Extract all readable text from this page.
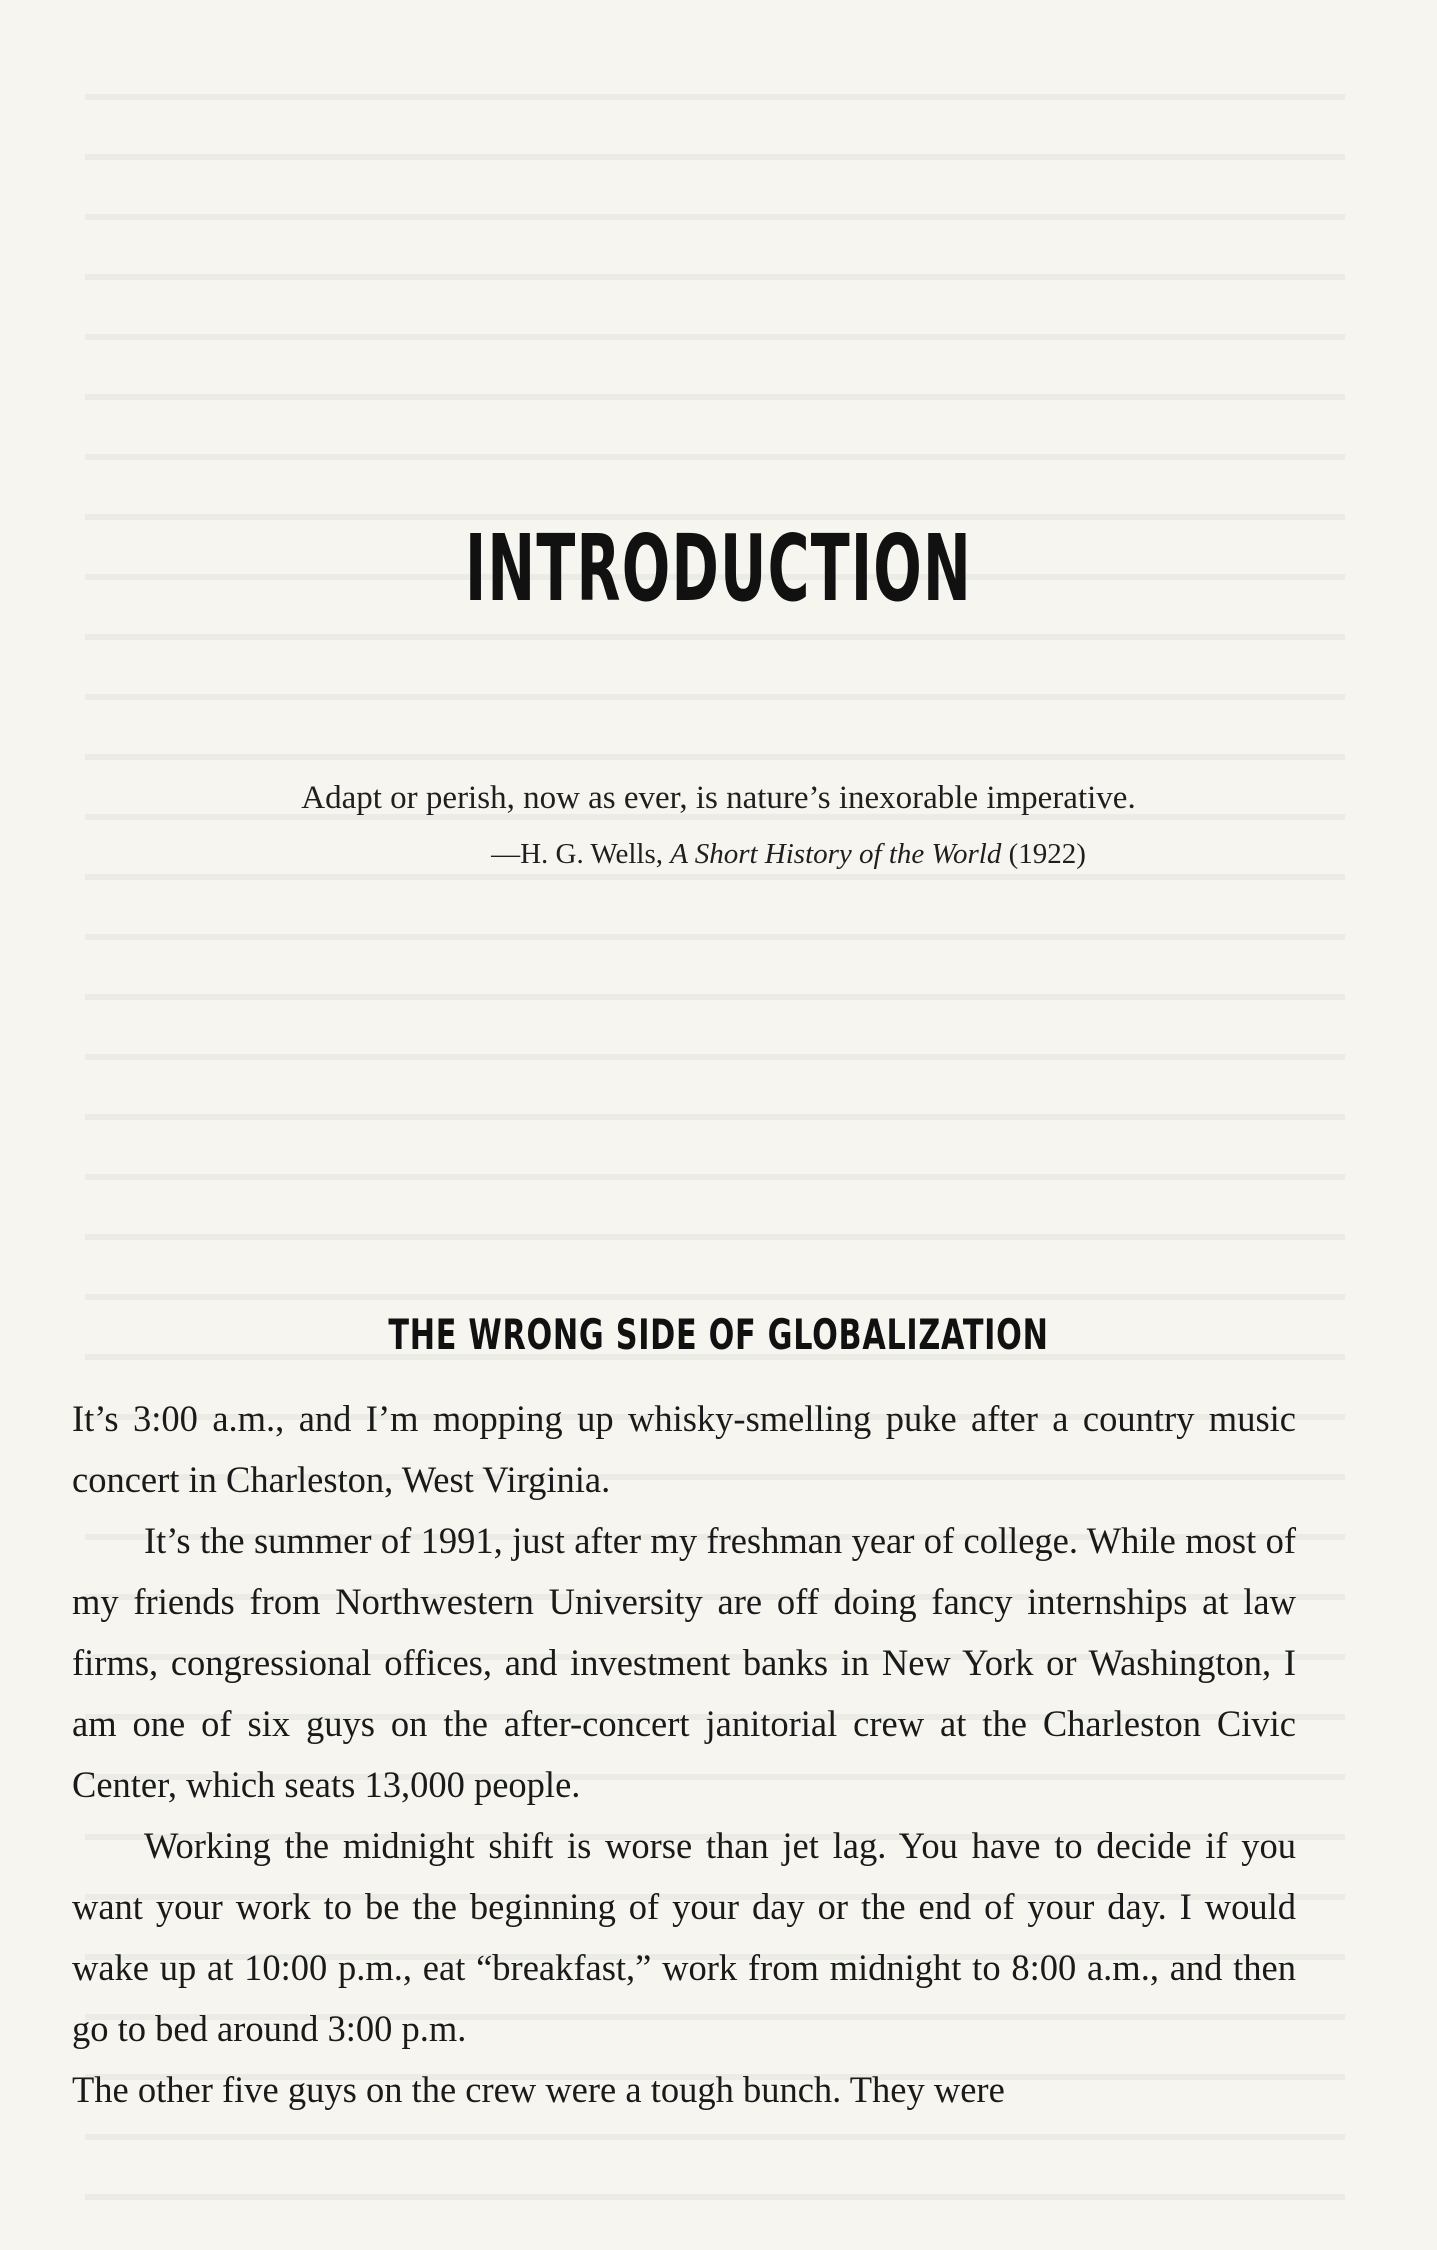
INTRODUCTION
Adapt or perish, now as ever, is nature’s inexorable imperative.
—H. G. Wells, A Short History of the World (1922)
THE WRONG SIDE OF GLOBALIZATION

It’s 3:00 a.m., and I’m mopping up whisky-smelling puke after a country music concert in Charleston, West Virginia.

It’s the summer of 1991, just after my freshman year of college. While most of my friends from Northwestern University are off doing fancy internships at law firms, congressional offices, and investment banks in New York or Washington, I am one of six guys on the after-concert janitorial crew at the Charleston Civic Center, which seats 13,000 people.

Working the midnight shift is worse than jet lag. You have to decide if you want your work to be the beginning of your day or the end of your day. I would wake up at 10:00 p.m., eat “breakfast,” work from midnight to 8:00 a.m., and then go to bed around 3:00 p.m.

The other five guys on the crew were a tough bunch. They were
